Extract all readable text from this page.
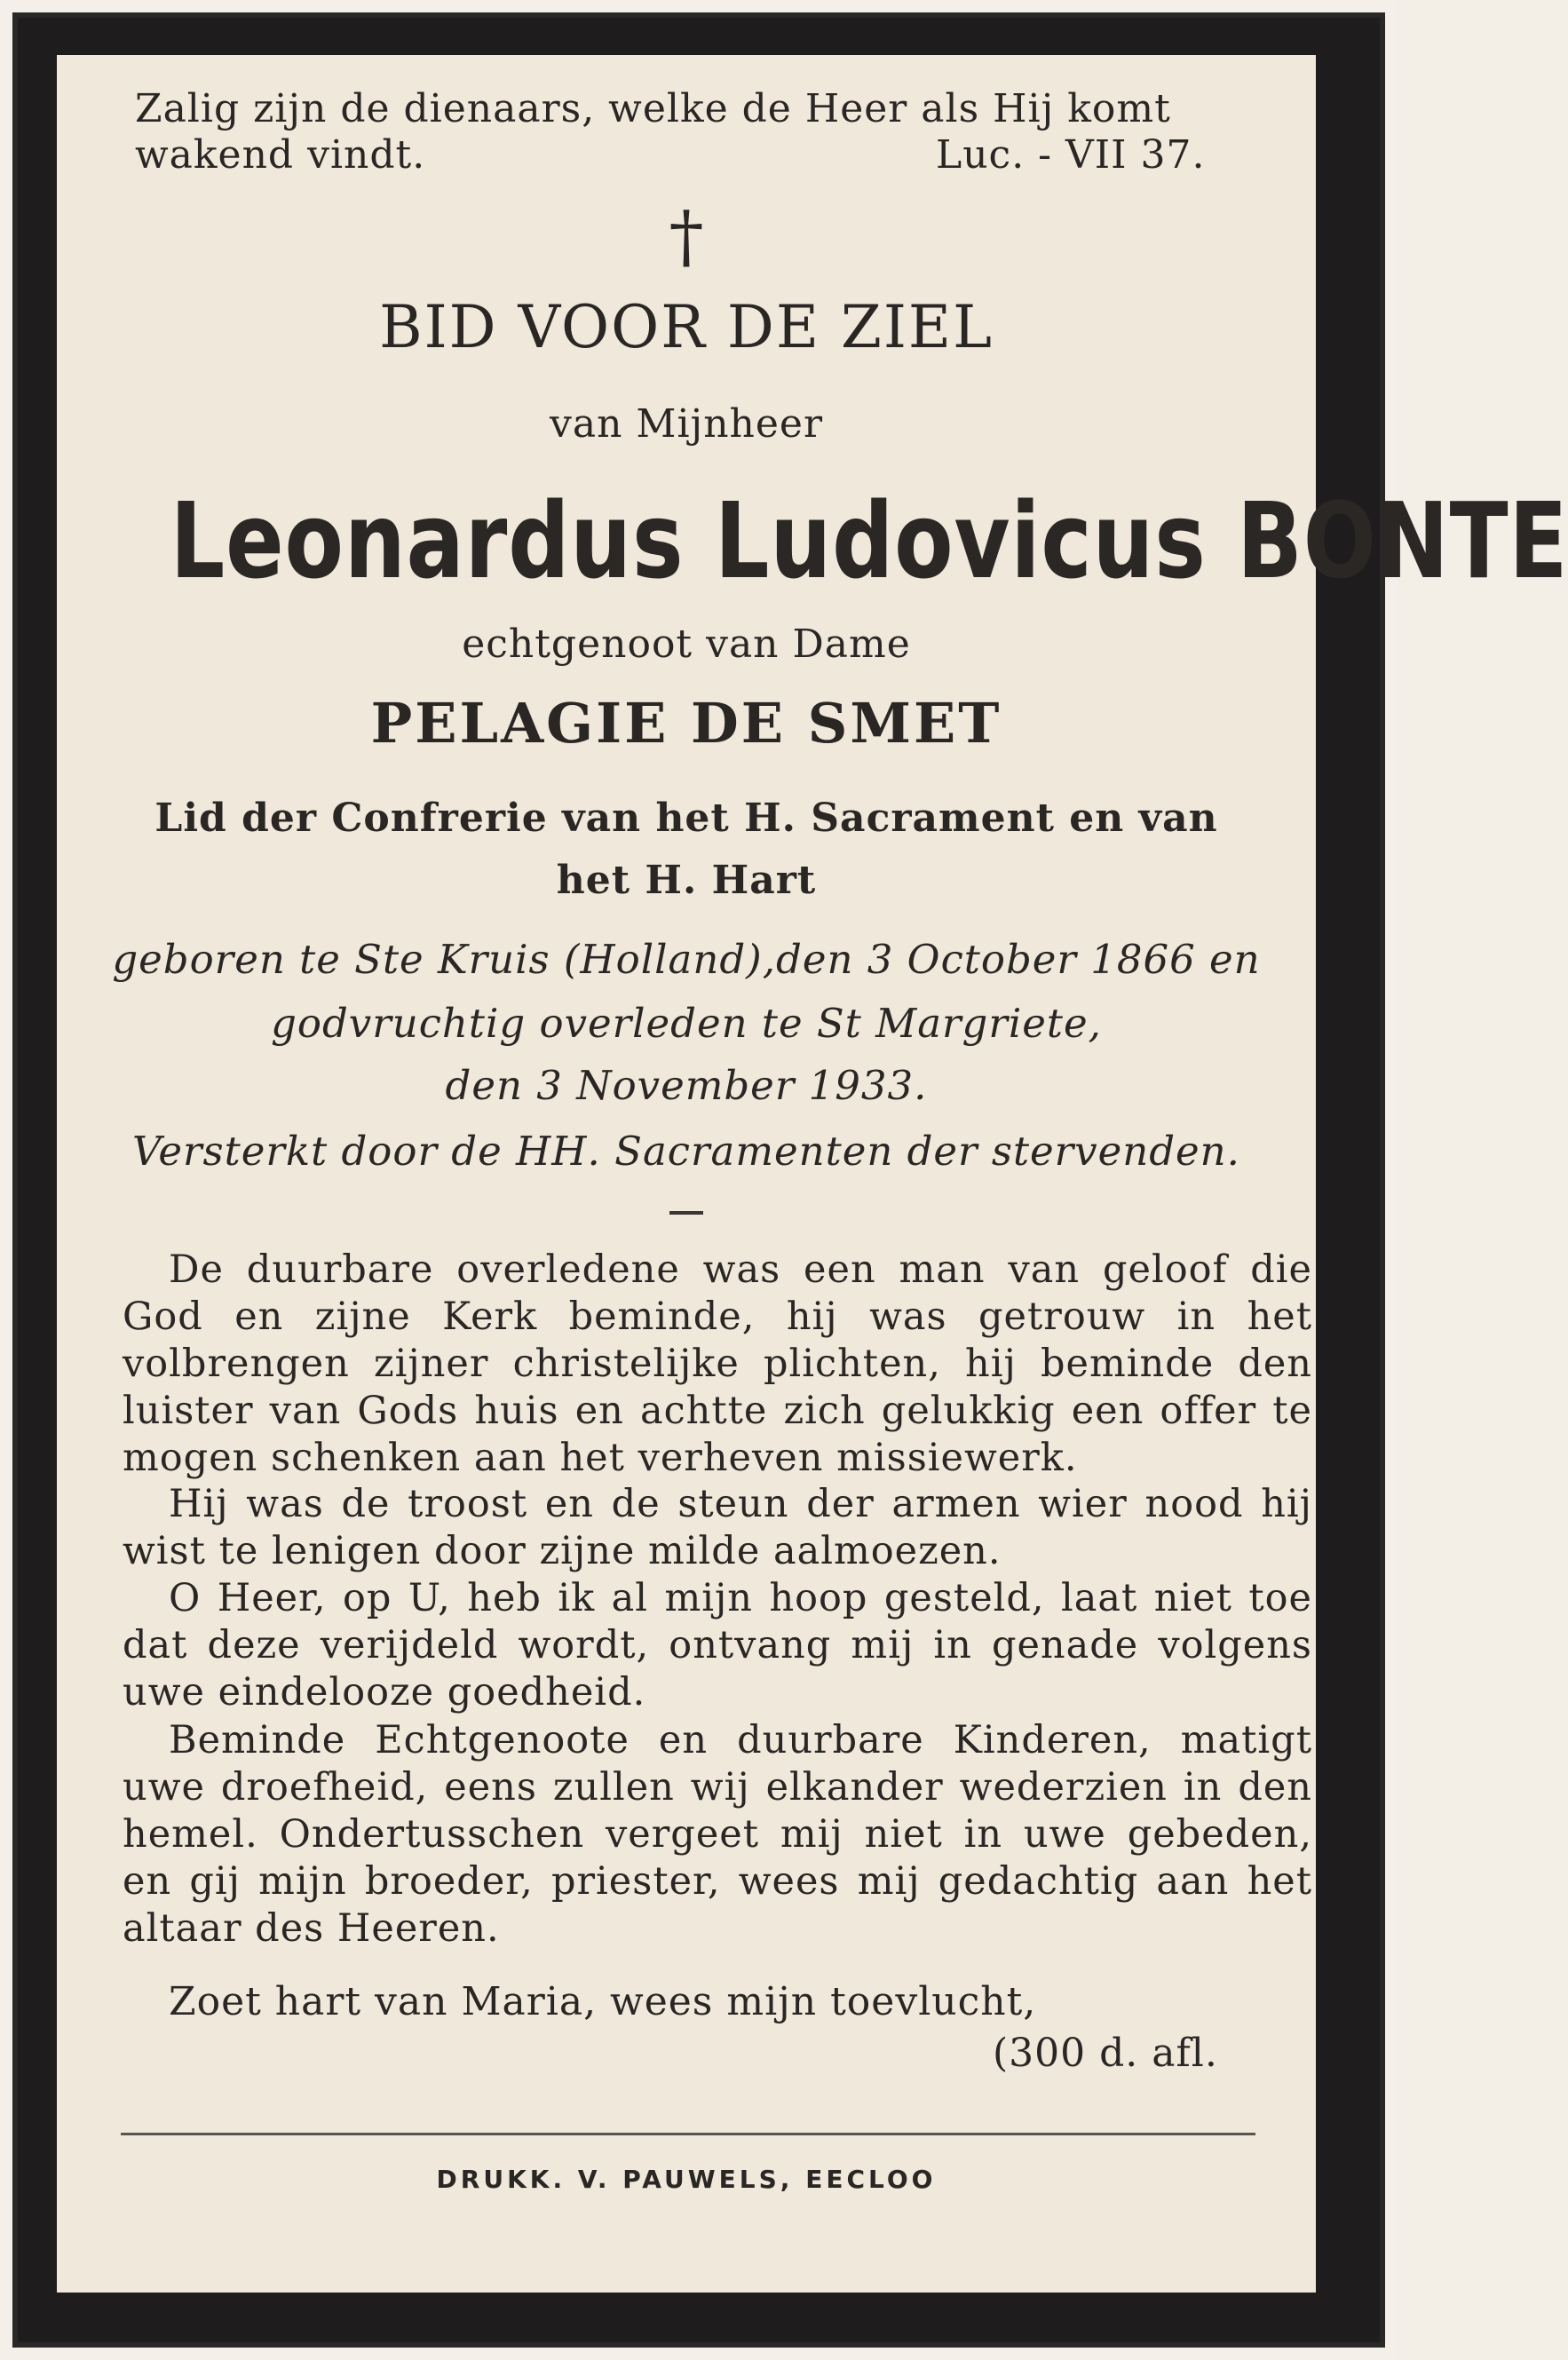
Zalig zijn de dienaars, welke de Heer als Hij komt
wakend vindt.	Luc. - VII 37.
†
BID VOOR DE ZIEL
van Mijnheer
Leonardus Ludovicus BONTE
echtgenoot van Dame
PELAGIE DE SMET
Lid der Confrerie van het H. Sacrament en van
het H. Hart
geboren te Ste Kruis (Holland),den 3 October 1866 en
godvruchtig overleden te St Margriete,
den 3 November 1933.
Versterkt door de HH. Sacramenten der stervenden.
De duurbare overledene was een man van geloof die God en zijne Kerk beminde, hij was getrouw in het volbrengen zijner christelijke plichten, hij beminde den luister van Gods huis en achtte zich gelukkig een offer te mogen schenken aan het verheven missiewerk.
Hij was de troost en de steun der armen wier nood hij wist te lenigen door zijne milde aalmoezen.
O Heer, op U, heb ik al mijn hoop gesteld, laat niet toe dat deze verijdeld wordt, ontvang mij in genade volgens uwe eindelooze goedheid.
Beminde Echtgenoote en duurbare Kinderen, matigt uwe droefheid, eens zullen wij elkander wederzien in den hemel. Ondertusschen vergeet mij niet in uwe gebeden, en gij mijn broeder, priester, wees mij gedachtig aan het altaar des Heeren.
Zoet hart van Maria, wees mijn toevlucht,
(300 d. afl.
DRUKK. V. PAUWELS, EECLOO
